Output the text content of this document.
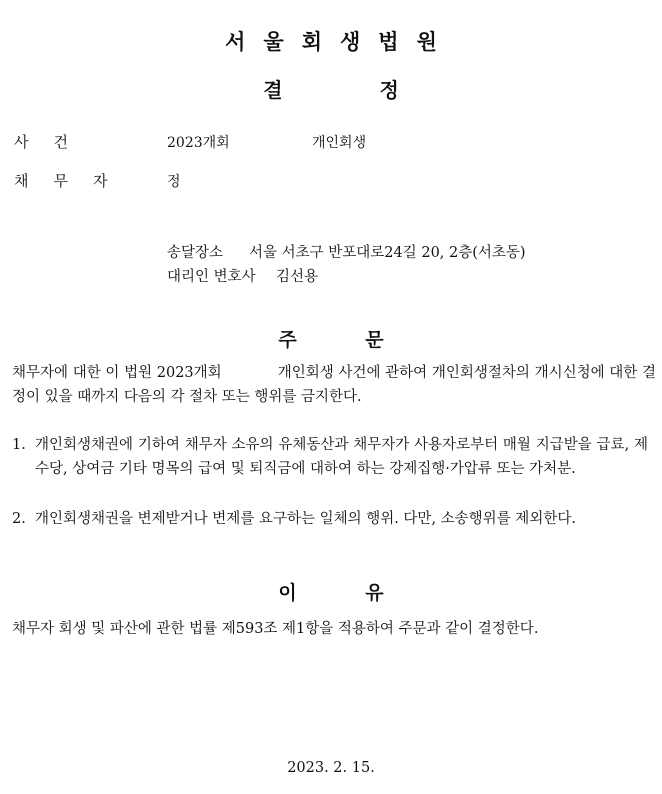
서울회생법원
결 정
사건	2023개회	개인회생
채무자 정
송달장소 서울 서초구 반포대로24길 20, 2층(서초동)
대리인 변호사 김선용
주 문
채무자에 대한 이 법원 2023개회            개인회생 사건에 관하여 개인회생절차의 개시신청에 대한 결정이 있을 때까지 다음의 각 절차 또는 행위를 금지한다.
1. 개인회생채권에 기하여 채무자 소유의 유체동산과 채무자가 사용자로부터 매월 지급받을 급료, 제수당, 상여금 기타 명목의 급여 및 퇴직금에 대하여 하는 강제집행·가압류 또는 가처분.
2. 개인회생채권을 변제받거나 변제를 요구하는 일체의 행위. 다만, 소송행위를 제외한다.
이 유
채무자 회생 및 파산에 관한 법률 제593조 제1항을 적용하여 주문과 같이 결정한다.
2023. 2. 15.
